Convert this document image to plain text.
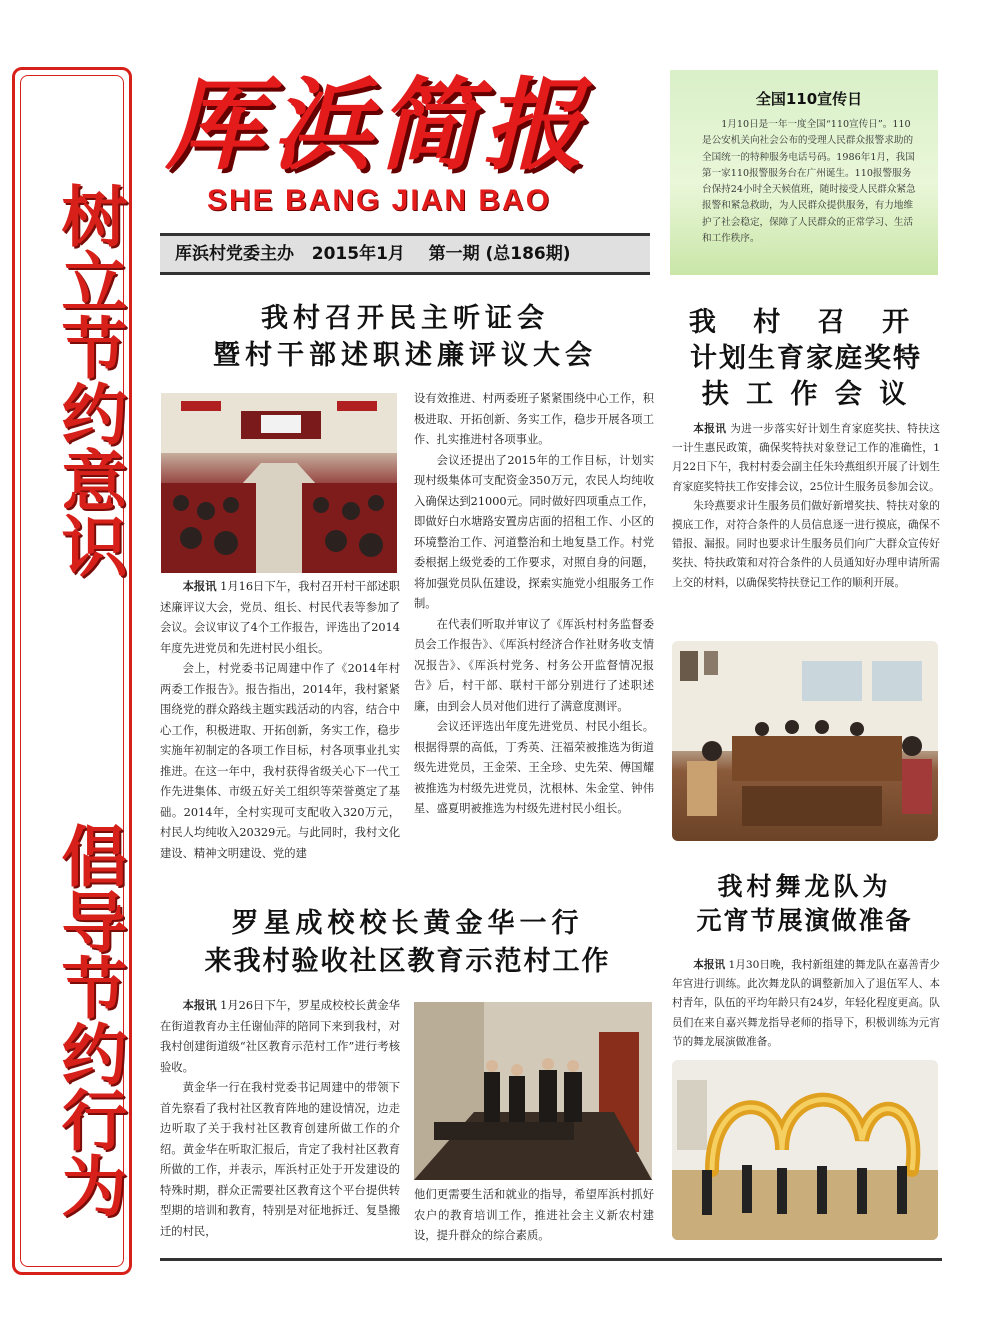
树立节约意识
倡导节约行为
厍浜简报
SHE BANG JIAN BAO
厍浜村党委主办   2015年1月    第一期 (总186期)
全国110宣传日
1月10日是一年一度全国“110宣传日”。110是公安机关向社会公布的受理人民群众报警求助的全国统一的特种服务电话号码。1986年1月，我国第一家110报警服务台在广州诞生。110报警服务台保持24小时全天候值班，随时接受人民群众紧急报警和紧急救助，为人民群众提供服务，有力地维护了社会稳定，保障了人民群众的正常学习、生活和工作秩序。
我村召开民主听证会
暨村干部述职述廉评议大会

本报讯 1月16日下午，我村召开村干部述职述廉评议大会，党员、组长、村民代表等参加了会议。会议审议了4个工作报告，评选出了2014年度先进党员和先进村民小组长。

会上，村党委书记周建中作了《2014年村两委工作报告》。报告指出，2014年，我村紧紧围绕党的群众路线主题实践活动的内容，结合中心工作，积极进取、开拓创新，务实工作，稳步实施年初制定的各项工作目标，村各项事业扎实推进。在这一年中，我村获得省级关心下一代工作先进集体、市级五好关工组织等荣誉奠定了基础。2014年，全村实现可支配收入320万元，村民人均纯收入20329元。与此同时，我村文化建设、精神文明建设、党的建

设有效推进、村两委班子紧紧围绕中心工作，积极进取、开拓创新、务实工作，稳步开展各项工作、扎实推进村各项事业。

会议还提出了2015年的工作目标，计划实现村级集体可支配资金350万元，农民人均纯收入确保达到21000元。同时做好四项重点工作，即做好白水塘路安置房店面的招租工作、小区的环境整治工作、河道整治和土地复垦工作。村党委根据上级党委的工作要求，对照自身的问题，将加强党员队伍建设，探索实施党小组服务工作制。

在代表们听取并审议了《厍浜村村务监督委员会工作报告》、《厍浜村经济合作社财务收支情况报告》、《厍浜村党务、村务公开监督情况报告》后，村干部、联村干部分别进行了述职述廉，由到会人员对他们进行了满意度测评。

会议还评选出年度先进党员、村民小组长。根据得票的高低，丁秀英、汪福荣被推选为街道级先进党员，王金荣、王全珍、史先荣、傅国耀被推选为村级先进党员，沈根林、朱金堂、钟伟星、盛夏明被推选为村级先进村民小组长。

我 村 召 开
计划生育家庭奖特
扶 工 作 会 议

本报讯 为进一步落实好计划生育家庭奖扶、特扶这一计生惠民政策，确保奖特扶对象登记工作的准确性，1月22日下午，我村村委会副主任朱玲燕组织开展了计划生育家庭奖特扶工作安排会议，25位计生服务员参加会议。

朱玲燕要求计生服务员们做好新增奖扶、特扶对象的摸底工作，对符合条件的人员信息逐一进行摸底，确保不错报、漏报。同时也要求计生服务员们向广大群众宣传好奖扶、特扶政策和对符合条件的人员通知好办理申请所需上交的材料，以确保奖特扶登记工作的顺利开展。

罗星成校校长黄金华一行
来我村验收社区教育示范村工作

本报讯 1月26日下午，罗星成校校长黄金华在街道教育办主任谢仙萍的陪同下来到我村，对我村创建街道级“社区教育示范村工作”进行考核验收。

黄金华一行在我村党委书记周建中的带领下首先察看了我村社区教育阵地的建设情况，边走边听取了关于我村社区教育创建所做工作的介绍。黄金华在听取汇报后，肯定了我村社区教育所做的工作，并表示，厍浜村正处于开发建设的特殊时期，群众正需要社区教育这个平台提供转型期的培训和教育，特别是对征地拆迁、复垦搬迁的村民，

他们更需要生活和就业的指导，希望厍浜村抓好农户的教育培训工作，推进社会主义新农村建设，提升群众的综合素质。

我村舞龙队为
元宵节展演做准备

本报讯 1月30日晚，我村新组建的舞龙队在嘉善青少年宫进行训练。此次舞龙队的调整新加入了退伍军人、本村青年，队伍的平均年龄只有24岁，年轻化程度更高。队员们在来自嘉兴舞龙指导老师的指导下，积极训练为元宵节的舞龙展演做准备。
